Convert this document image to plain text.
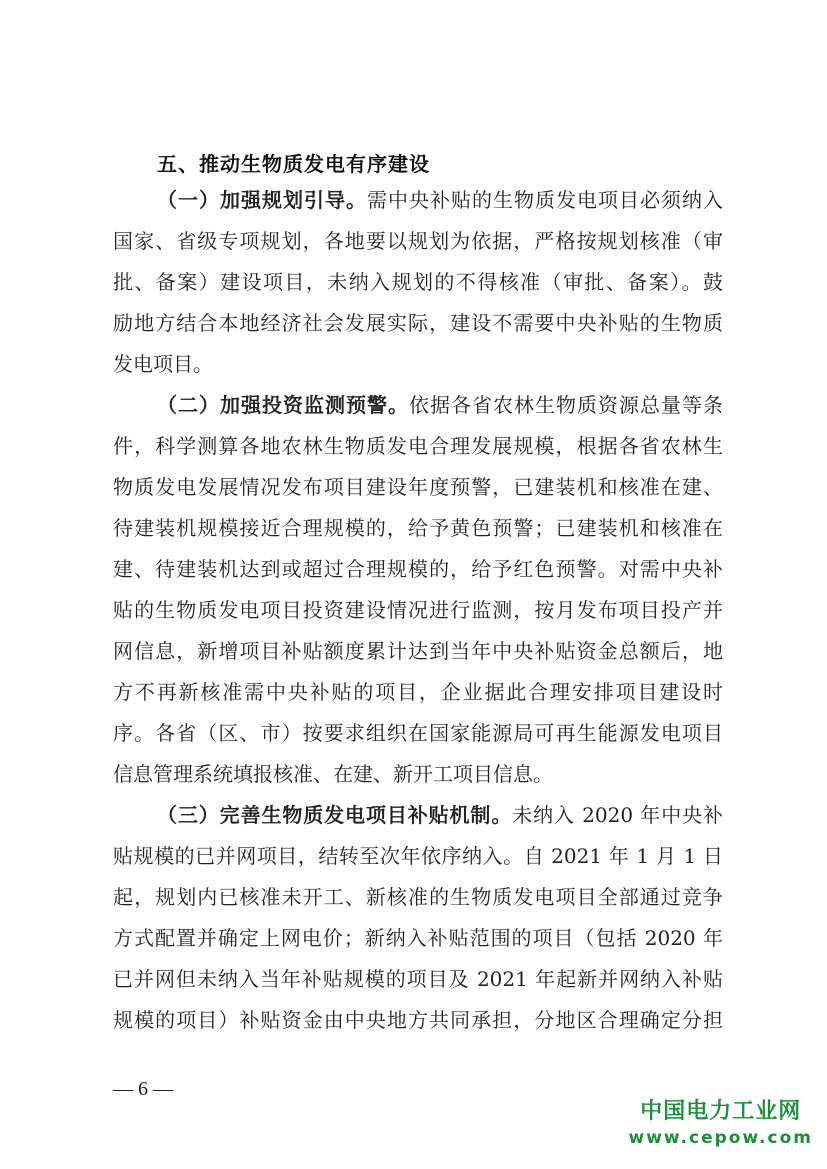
五、推动生物质发电有序建设
（一）加强规划引导。需中央补贴的生物质发电项目必须纳入
国家、省级专项规划，各地要以规划为依据，严格按规划核准（审
批、备案）建设项目，未纳入规划的不得核准（审批、备案）。鼓
励地方结合本地经济社会发展实际，建设不需要中央补贴的生物质
发电项目。
（二）加强投资监测预警。依据各省农林生物质资源总量等条
件，科学测算各地农林生物质发电合理发展规模，根据各省农林生
物质发电发展情况发布项目建设年度预警，已建装机和核准在建、
待建装机规模接近合理规模的，给予黄色预警；已建装机和核准在
建、待建装机达到或超过合理规模的，给予红色预警。对需中央补
贴的生物质发电项目投资建设情况进行监测，按月发布项目投产并
网信息，新增项目补贴额度累计达到当年中央补贴资金总额后，地
方不再新核准需中央补贴的项目，企业据此合理安排项目建设时
序。各省（区、市）按要求组织在国家能源局可再生能源发电项目
信息管理系统填报核准、在建、新开工项目信息。
（三）完善生物质发电项目补贴机制。未纳入 2020 年中央补
贴规模的已并网项目，结转至次年依序纳入。自 2021 年 1 月 1 日
起，规划内已核准未开工、新核准的生物质发电项目全部通过竞争
方式配置并确定上网电价；新纳入补贴范围的项目（包括 2020 年
已并网但未纳入当年补贴规模的项目及 2021 年起新并网纳入补贴
规模的项目）补贴资金由中央地方共同承担，分地区合理确定分担
— 6 —
中国电力工业网
www.cepow.com
